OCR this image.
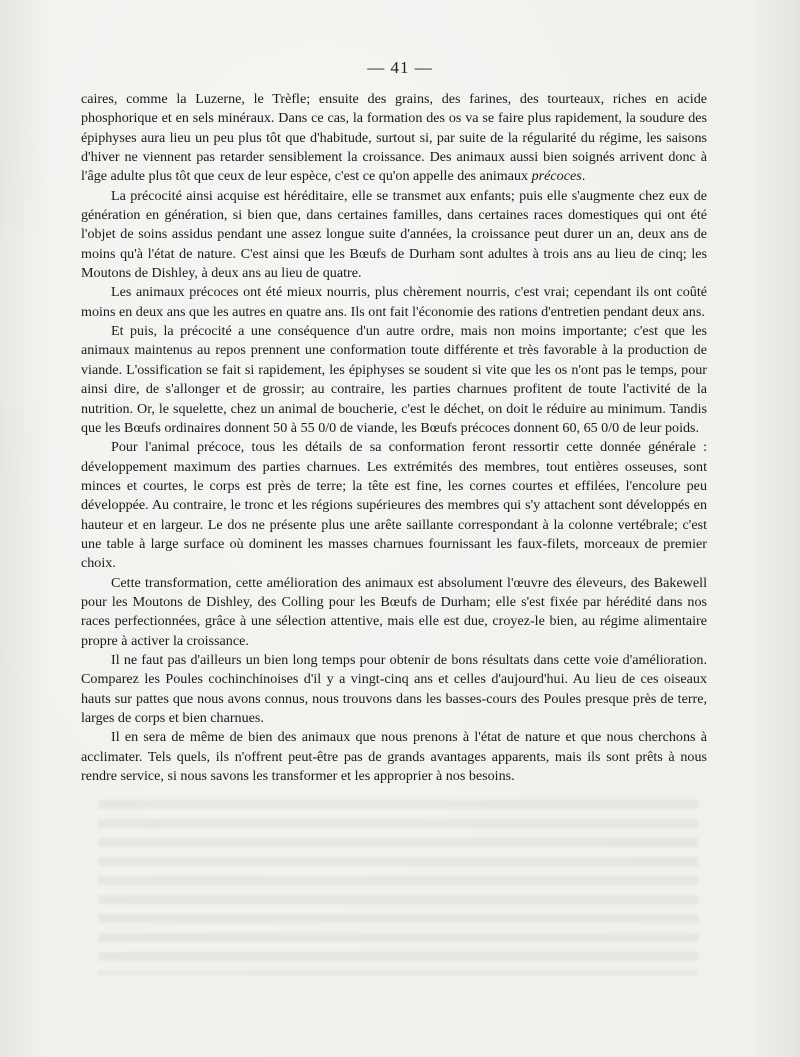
— 41 —

caires, comme la Luzerne, le Trèfle; ensuite des grains, des farines, des tourteaux, riches en acide phosphorique et en sels minéraux. Dans ce cas, la formation des os va se faire plus rapidement, la soudure des épiphyses aura lieu un peu plus tôt que d'habitude, surtout si, par suite de la régularité du régime, les saisons d'hiver ne viennent pas retarder sensiblement la croissance. Des animaux aussi bien soignés arrivent donc à l'âge adulte plus tôt que ceux de leur espèce, c'est ce qu'on appelle des animaux précoces.

La précocité ainsi acquise est héréditaire, elle se transmet aux enfants; puis elle s'augmente chez eux de génération en génération, si bien que, dans certaines familles, dans certaines races domestiques qui ont été l'objet de soins assidus pendant une assez longue suite d'années, la croissance peut durer un an, deux ans de moins qu'à l'état de nature. C'est ainsi que les Bœufs de Durham sont adultes à trois ans au lieu de cinq; les Moutons de Dishley, à deux ans au lieu de quatre.

Les animaux précoces ont été mieux nourris, plus chèrement nourris, c'est vrai; cependant ils ont coûté moins en deux ans que les autres en quatre ans. Ils ont fait l'économie des rations d'entretien pendant deux ans.

Et puis, la précocité a une conséquence d'un autre ordre, mais non moins importante; c'est que les animaux maintenus au repos prennent une conformation toute différente et très favorable à la production de viande. L'ossification se fait si rapidement, les épiphyses se soudent si vite que les os n'ont pas le temps, pour ainsi dire, de s'allonger et de grossir; au contraire, les parties charnues profitent de toute l'activité de la nutrition. Or, le squelette, chez un animal de boucherie, c'est le déchet, on doit le réduire au minimum. Tandis que les Bœufs ordinaires donnent 50 à 55 0/0 de viande, les Bœufs précoces donnent 60, 65 0/0 de leur poids.

Pour l'animal précoce, tous les détails de sa conformation feront ressortir cette donnée générale : développement maximum des parties charnues. Les extrémités des membres, tout entières osseuses, sont minces et courtes, le corps est près de terre; la tête est fine, les cornes courtes et effilées, l'encolure peu développée. Au contraire, le tronc et les régions supérieures des membres qui s'y attachent sont développés en hauteur et en largeur. Le dos ne présente plus une arête saillante correspondant à la colonne vertébrale; c'est une table à large surface où dominent les masses charnues fournissant les faux-filets, morceaux de premier choix.

Cette transformation, cette amélioration des animaux est absolument l'œuvre des éleveurs, des Bakewell pour les Moutons de Dishley, des Colling pour les Bœufs de Durham; elle s'est fixée par hérédité dans nos races perfectionnées, grâce à une sélection attentive, mais elle est due, croyez-le bien, au régime alimentaire propre à activer la croissance.

Il ne faut pas d'ailleurs un bien long temps pour obtenir de bons résultats dans cette voie d'amélioration. Comparez les Poules cochinchinoises d'il y a vingt-cinq ans et celles d'aujourd'hui. Au lieu de ces oiseaux hauts sur pattes que nous avons connus, nous trouvons dans les basses-cours des Poules presque près de terre, larges de corps et bien charnues.

Il en sera de même de bien des animaux que nous prenons à l'état de nature et que nous cherchons à acclimater. Tels quels, ils n'offrent peut-être pas de grands avantages apparents, mais ils sont prêts à nous rendre service, si nous savons les transformer et les approprier à nos besoins.
